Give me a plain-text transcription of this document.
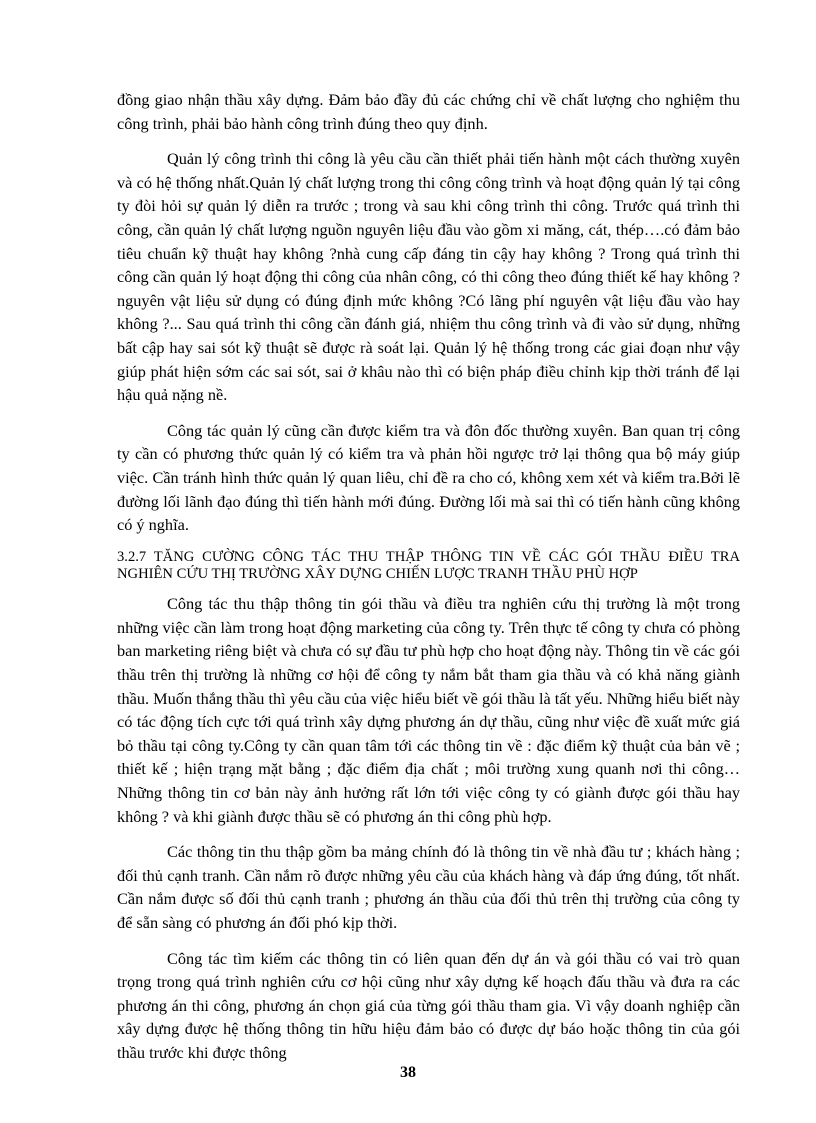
đồng giao nhận thầu xây dựng. Đảm bảo đầy đủ các chứng chỉ về chất lượng cho nghiệm thu công trình, phải bảo hành công trình đúng theo quy định.

Quản lý công trình thi công là yêu cầu cần thiết phải tiến hành một cách thường xuyên và có hệ thống nhất.Quản lý chất lượng trong thi công công trình và hoạt động quản lý tại công ty đòi hỏi sự quản lý diễn ra trước ; trong và sau khi công trình thi công. Trước quá trình thi công, cần quản lý chất lượng nguồn nguyên liệu đầu vào gồm xi măng, cát, thép….có đảm bảo tiêu chuẩn kỹ thuật hay không ?nhà cung cấp đáng tin cậy hay không ? Trong quá trình thi công cần quản lý hoạt động thi công của nhân công, có thi công theo đúng thiết kế hay không ? nguyên vật liệu sử dụng có đúng định mức không ?Có lãng phí nguyên vật liệu đầu vào hay không ?... Sau quá trình thi công cần đánh giá, nhiệm thu công trình và đi vào sử dụng, những bất cập hay sai sót kỹ thuật sẽ được rà soát lại. Quản lý hệ thống trong các giai đoạn như vậy giúp phát hiện sớm các sai sót, sai ở khâu nào thì có biện pháp điều chỉnh kịp thời tránh để lại hậu quả nặng nề.

Công tác quản lý cũng cần được kiểm tra và đôn đốc thường xuyên. Ban quan trị công ty cần có phương thức quản lý có kiểm tra và phản hồi ngược trở lại thông qua bộ máy giúp việc. Cần tránh hình thức quản lý quan liêu, chỉ đề ra cho có, không xem xét và kiểm tra.Bởi lẽ đường lối lãnh đạo đúng thì tiến hành mới đúng. Đường lối mà sai thì có tiến hành cũng không có ý nghĩa.

3.2.7 TĂNG CƯỜNG CÔNG TÁC THU THẬP THÔNG TIN VỀ CÁC GÓI THẦU ĐIỀU TRA NGHIÊN CỨU THỊ TRƯỜNG XÂY DỰNG CHIẾN LƯỢC TRANH THẦU PHÙ HỢP

Công tác thu thập thông tin gói thầu và điều tra nghiên cứu thị trường là một trong những việc cần làm trong hoạt động marketing của công ty. Trên thực tế công ty chưa có phòng ban marketing riêng biệt và chưa có sự đầu tư phù hợp cho hoạt động này. Thông tin về các gói thầu trên thị trường là những cơ hội để công ty nắm bắt tham gia thầu và có khả năng giành thầu. Muốn thắng thầu thì yêu cầu của việc hiểu biết về gói thầu là tất yếu. Những hiểu biết này có tác động tích cực tới quá trình xây dựng phương án dự thầu, cũng như việc đề xuất mức giá bỏ thầu tại công ty.Công ty cần quan tâm tới các thông tin về : đặc điểm kỹ thuật của bản vẽ ; thiết kế ; hiện trạng mặt bằng ; đặc điểm địa chất ; môi trường xung quanh nơi thi công…Những thông tin cơ bản này ảnh hưởng rất lớn tới việc công ty có giành được gói thầu hay không ? và khi giành được thầu sẽ có phương án thi công phù hợp.

Các thông tin thu thập gồm ba mảng chính đó là thông tin về nhà đầu tư ; khách hàng ; đối thủ cạnh tranh. Cần nắm rõ được những yêu cầu của khách hàng và đáp ứng đúng, tốt nhất. Cần nắm được số đối thủ cạnh tranh ; phương án thầu của đối thủ trên thị trường của công ty để sẵn sàng có phương án đối phó kịp thời.

Công tác tìm kiếm các thông tin có liên quan đến dự án và gói thầu có vai trò quan trọng trong quá trình nghiên cứu cơ hội cũng như xây dựng kế hoạch đấu thầu và đưa ra các phương án thi công, phương án chọn giá của từng gói thầu tham gia. Vì vậy doanh nghiệp cần xây dựng được hệ thống thông tin hữu hiệu đảm bảo có được dự báo hoặc thông tin của gói thầu trước khi được thông

38
